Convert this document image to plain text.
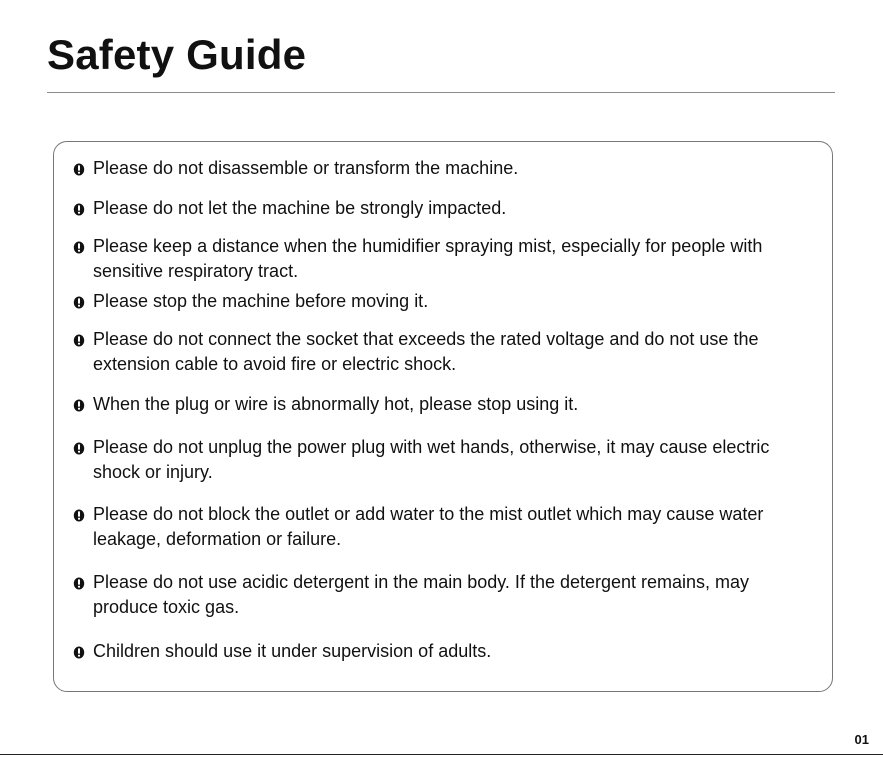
Safety Guide
Please do not disassemble or transform the machine.
Please do not let the machine be strongly impacted.
Please keep a distance when the humidifier spraying mist, especially for people with sensitive respiratory tract.
Please stop the machine before moving it.
Please do not connect the socket that exceeds the rated voltage and do not use the extension cable to avoid fire or electric shock.
When the plug or wire is abnormally hot, please stop using it.
Please do not unplug the power plug with wet hands, otherwise, it may cause electric shock or injury.
Please do not block the outlet or add water to the mist outlet which may cause water leakage, deformation or failure.
Please do not use acidic detergent in the main body. If the detergent remains, may produce toxic gas.
Children should use it under supervision of adults.
01
